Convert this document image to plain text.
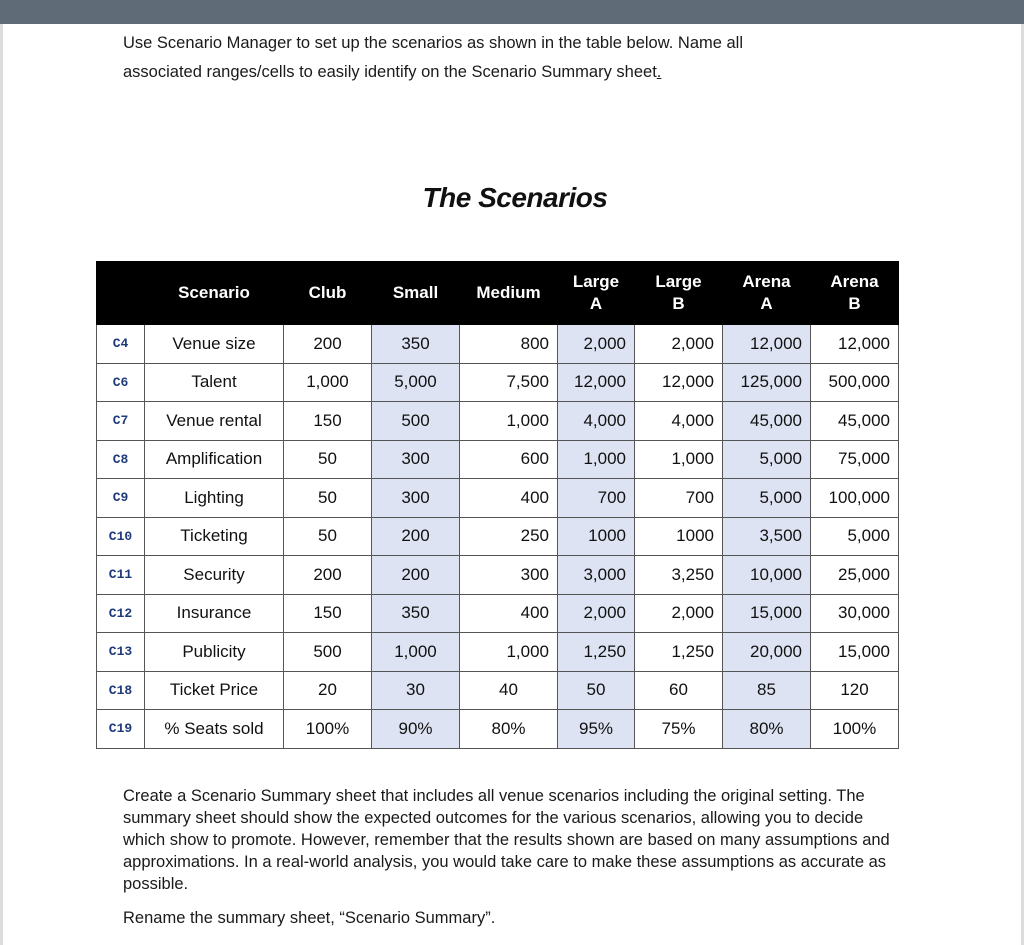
Use Scenario Manager to set up the scenarios as shown in the table below. Name all
associated ranges/cells to easily identify on the Scenario Summary sheet.
The Scenarios
	Scenario	Club	Small	Medium	Large A	Large B	Arena A	Arena B
C4	Venue size	200	350	800	2,000	2,000	12,000	12,000
C6	Talent	1,000	5,000	7,500	12,000	12,000	125,000	500,000
C7	Venue rental	150	500	1,000	4,000	4,000	45,000	45,000
C8	Amplification	50	300	600	1,000	1,000	5,000	75,000
C9	Lighting	50	300	400	700	700	5,000	100,000
C10	Ticketing	50	200	250	1000	1000	3,500	5,000
C11	Security	200	200	300	3,000	3,250	10,000	25,000
C12	Insurance	150	350	400	2,000	2,000	15,000	30,000
C13	Publicity	500	1,000	1,000	1,250	1,250	20,000	15,000
C18	Ticket Price	20	30	40	50	60	85	120
C19	% Seats sold	100%	90%	80%	95%	75%	80%	100%

Create a Scenario Summary sheet that includes all venue scenarios including the original setting. The summary sheet should show the expected outcomes for the various scenarios, allowing you to decide which show to promote. However, remember that the results shown are based on many assumptions and approximations. In a real-world analysis, you would take care to make these assumptions as accurate as possible.

Rename the summary sheet, “Scenario Summary”.
